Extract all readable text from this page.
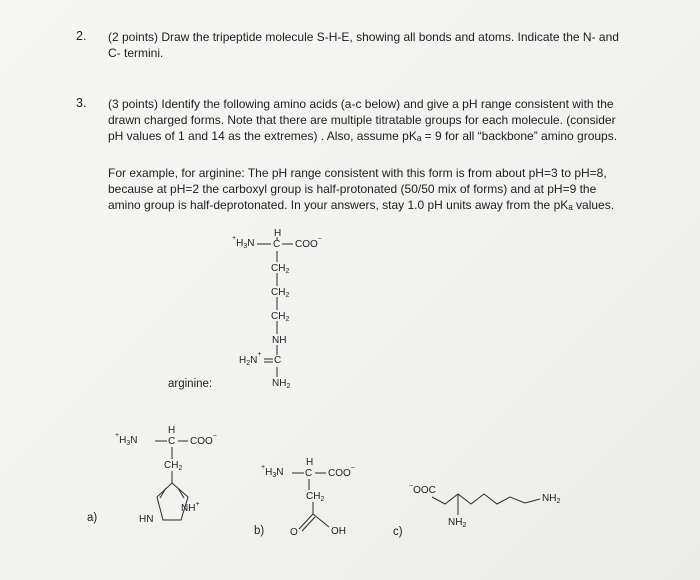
2. (2 points) Draw the tripeptide molecule S-H-E, showing all bonds and atoms. Indicate the N- and
C- termini.

3. (3 points) Identify the following amino acids (a-c below) and give a pH range consistent with the
drawn charged forms. Note that there are multiple titratable groups for each molecule. (consider
pH values of 1 and 14 as the extremes) . Also, assume pKₐ = 9 for all “backbone” amino groups.

For example, for arginine: The pH range consistent with this form is from about pH=3 to pH=8,
because at pH=2 the carboxyl group is half-protonated (50/50 mix of forms) and at pH=9 the
amino group is half-deprotonated. In your answers, stay 1.0 pH units away from the pKₐ values.

H
$^+H_3N$ C COO−
$CH_2$
$CH_2$
$CH_2$
NH
$H_2N^+$
C
$NH_2$
arginine:
H
$^+H_3N$	C COO−
$CH_2$
NH+
HN
a)
H
$^+H_3N$ C COO−
$CH_2$
O	OH
b)
−OOC
$NH_2$
$NH_2$
c)
